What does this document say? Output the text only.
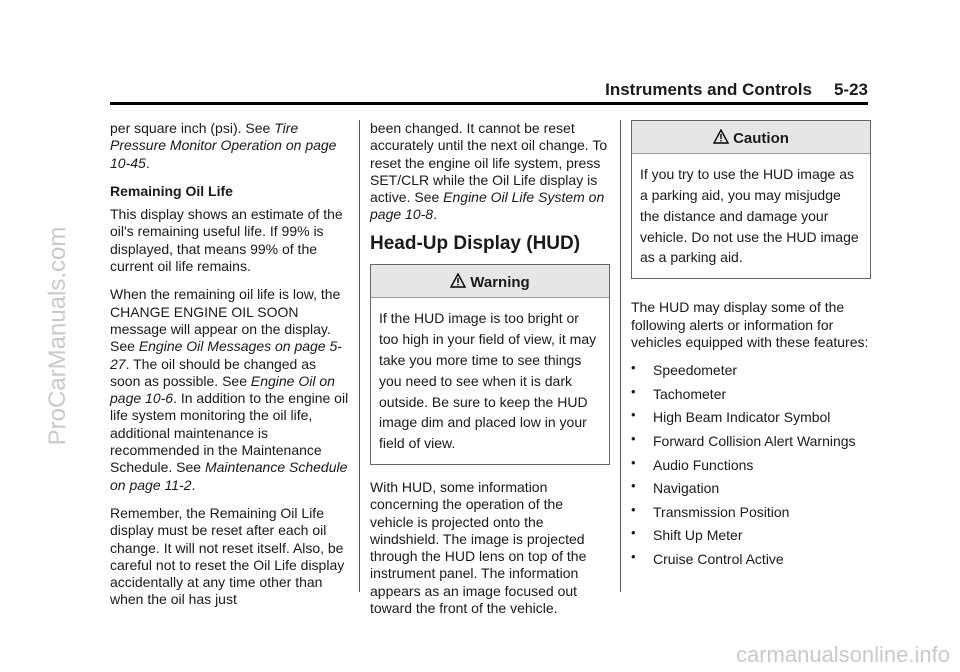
ProCarManuals.com
carmanualsonline.info
Instruments and Controls 5-23

per square inch (psi). See Tire Pressure Monitor Operation on page 10-45.

Remaining Oil Life

This display shows an estimate of the oil's remaining useful life. If 99% is displayed, that means 99% of the current oil life remains.

When the remaining oil life is low, the CHANGE ENGINE OIL SOON message will appear on the display. See Engine Oil Messages on page 5-27. The oil should be changed as soon as possible. See Engine Oil on page 10-6. In addition to the engine oil life system monitoring the oil life, additional maintenance is recommended in the Maintenance Schedule. See Maintenance Schedule on page 11-2.

Remember, the Remaining Oil Life display must be reset after each oil change. It will not reset itself. Also, be careful not to reset the Oil Life display accidentally at any time other than when the oil has just

been changed. It cannot be reset accurately until the next oil change. To reset the engine oil life system, press SET/CLR while the Oil Life display is active. See Engine Oil Life System on page 10-8.

Head-Up Display (HUD)
Warning
If the HUD image is too bright or too high in your field of view, it may take you more time to see things you need to see when it is dark outside. Be sure to keep the HUD image dim and placed low in your field of view.

With HUD, some information concerning the operation of the vehicle is projected onto the windshield. The image is projected through the HUD lens on top of the instrument panel. The information appears as an image focused out toward the front of the vehicle.

Caution
If you try to use the HUD image as a parking aid, you may misjudge the distance and damage your vehicle. Do not use the HUD image as a parking aid.

The HUD may display some of the following alerts or information for vehicles equipped with these features:

• Speedometer
• Tachometer
• High Beam Indicator Symbol
• Forward Collision Alert Warnings
• Audio Functions
• Navigation
• Transmission Position
• Shift Up Meter
• Cruise Control Active
